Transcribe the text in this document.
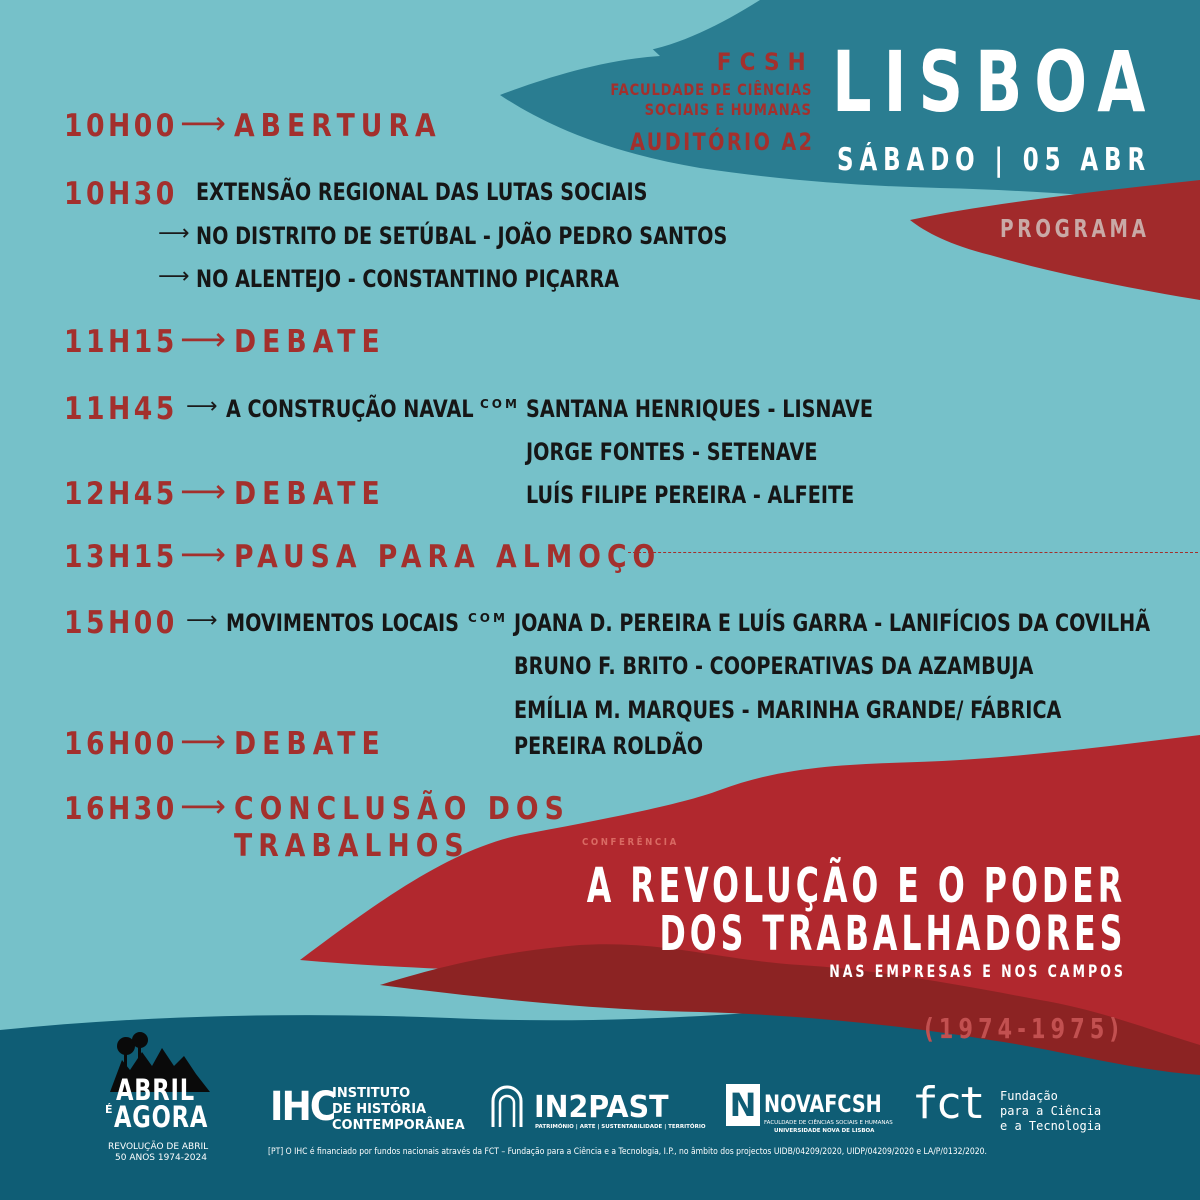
FCSH
FACULDADE DE CIÊNCIAS
SOCIAIS E HUMANAS
AUDITÓRIO A2
LISBOA
SÁBADO | 05 ABR
PROGRAMA
10H00 ⟶ ABERTURA
10H30 EXTENSÃO REGIONAL DAS LUTAS SOCIAIS
⟶ NO DISTRITO DE SETÚBAL - JOÃO PEDRO SANTOS
⟶ NO ALENTEJO - CONSTANTINO PIÇARRA
11H15 ⟶ DEBATE
11H45 ⟶ A CONSTRUÇÃO NAVAL COM SANTANA HENRIQUES - LISNAVE
JORGE FONTES - SETENAVE
LUÍS FILIPE PEREIRA - ALFEITE
12H45 ⟶ DEBATE
13H15 ⟶ PAUSA PARA ALMOÇO
15H00 ⟶ MOVIMENTOS LOCAIS COM JOANA D. PEREIRA E LUÍS GARRA - LANIFÍCIOS DA COVILHÃ
BRUNO F. BRITO - COOPERATIVAS DA AZAMBUJA
EMÍLIA M. MARQUES - MARINHA GRANDE/ FÁBRICA
PEREIRA ROLDÃO
16H00 ⟶ DEBATE
16H30 ⟶ CONCLUSÃO DOS
TRABALHOS	CONFERÊNCIA
A REVOLUÇÃO E O PODER
DOS TRABALHADORES
NAS EMPRESAS E NOS CAMPOS
(1974-1975)
ABRIL
É AGORA
REVOLUÇÃO DE ABRIL
50 ANOS 1974-2024
IHC
INSTITUTO
DE HISTÓRIA
CONTEMPORÂNEA
IN2PAST
PATRIMÓNIO | ARTE | SUSTENTABILIDADE | TERRITÓRIO
N NOVAFCSH
FACULDADE DE CIÊNCIAS SOCIAIS E HUMANAS
UNIVERSIDADE NOVA DE LISBOA
fct Fundação
para a Ciência
e a Tecnologia
[PT] O IHC é financiado por fundos nacionais através da FCT – Fundação para a Ciência e a Tecnologia, I.P., no âmbito dos projectos UIDB/04209/2020, UIDP/04209/2020 e LA/P/0132/2020.
